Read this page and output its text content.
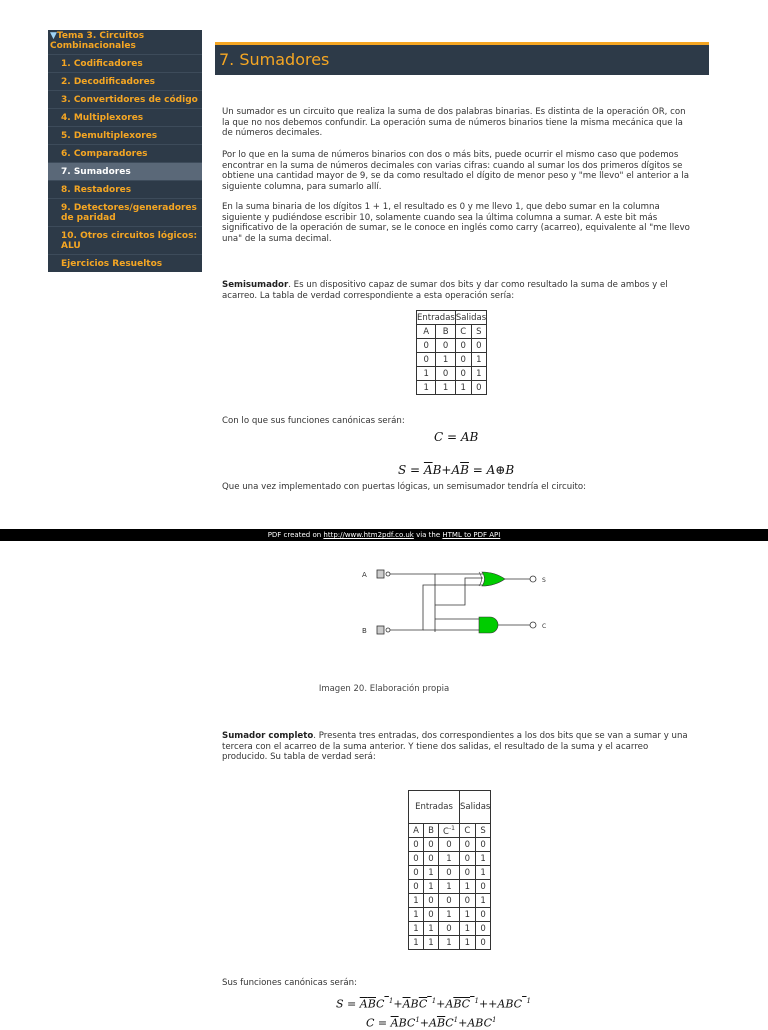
▼Tema 3. Circuitos Combinacionales
1. Codificadores
2. Decodificadores
3. Convertidores de código
4. Multiplexores
5. Demultiplexores
6. Comparadores
7. Sumadores
8. Restadores
9. Detectores/generadores de paridad
10. Otros circuitos lógicos: ALU
Ejercicios Resueltos
7. Sumadores

Un sumador es un circuito que realiza la suma de dos palabras binarias. Es distinta de la operación OR, con la que no nos debemos confundir. La operación suma de números binarios tiene la misma mecánica que la de números decimales.

Por lo que en la suma de números binarios con dos o más bits, puede ocurrir el mismo caso que podemos encontrar en la suma de números decimales con varias cifras: cuando al sumar los dos primeros dígitos se obtiene una cantidad mayor de 9, se da como resultado el dígito de menor peso y "me llevo" el anterior a la siguiente columna, para sumarlo allí.

En la suma binaria de los dígitos 1 + 1, el resultado es 0 y me llevo 1, que debo sumar en la columna siguiente y pudiéndose escribir 10, solamente cuando sea la última columna a sumar. A este bit más significativo de la operación de sumar, se le conoce en inglés como carry (acarreo), equivalente al "me llevo una" de la suma decimal.

Semisumador. Es un dispositivo capaz de sumar dos bits y dar como resultado la suma de ambos y el acarreo. La tabla de verdad correspondiente a esta operación sería:

Entradas		Salidas	
A	B	C	S
0	0	0	0
0	1	0	1
1	0	0	1
1	1	1	0

Con lo que sus funciones canónicas serán:

C = AB
$S = \overline{A}B+A\overline{B}$ = A⊕B

Que una vez implementado con puertas lógicas, un semisumador tendría el circuito:

PDF created on http://www.htm2pdf.co.uk via the HTML to PDF API
A
B
S
C
Imagen 20. Elaboración propia

Sumador completo. Presenta tres entradas, dos correspondientes a los dos bits que se van a sumar y una tercera con el acarreo de la suma anterior. Y tiene dos salidas, el resultado de la suma y el acarreo producido. Su tabla de verdad será:

Entradas			Salidas	
A	B	$C^{-1}$	C	S
0	0	0	0	0
0	0	1	0	1
0	1	0	0	1
0	1	1	1	0
1	0	0	0	1
1	0	1	1	0
1	1	0	1	0
1	1	1	1	0

Sus funciones canónicas serán:

$S = \overline{A}\overline{B}C$ $^1+\overline{A}B\overline{C}$ $^1+A\overline{BC}$ $^1$++ABC $^1$
$C = \overline{A}BC^1+A\overline{B}C^1+ABC^1$
